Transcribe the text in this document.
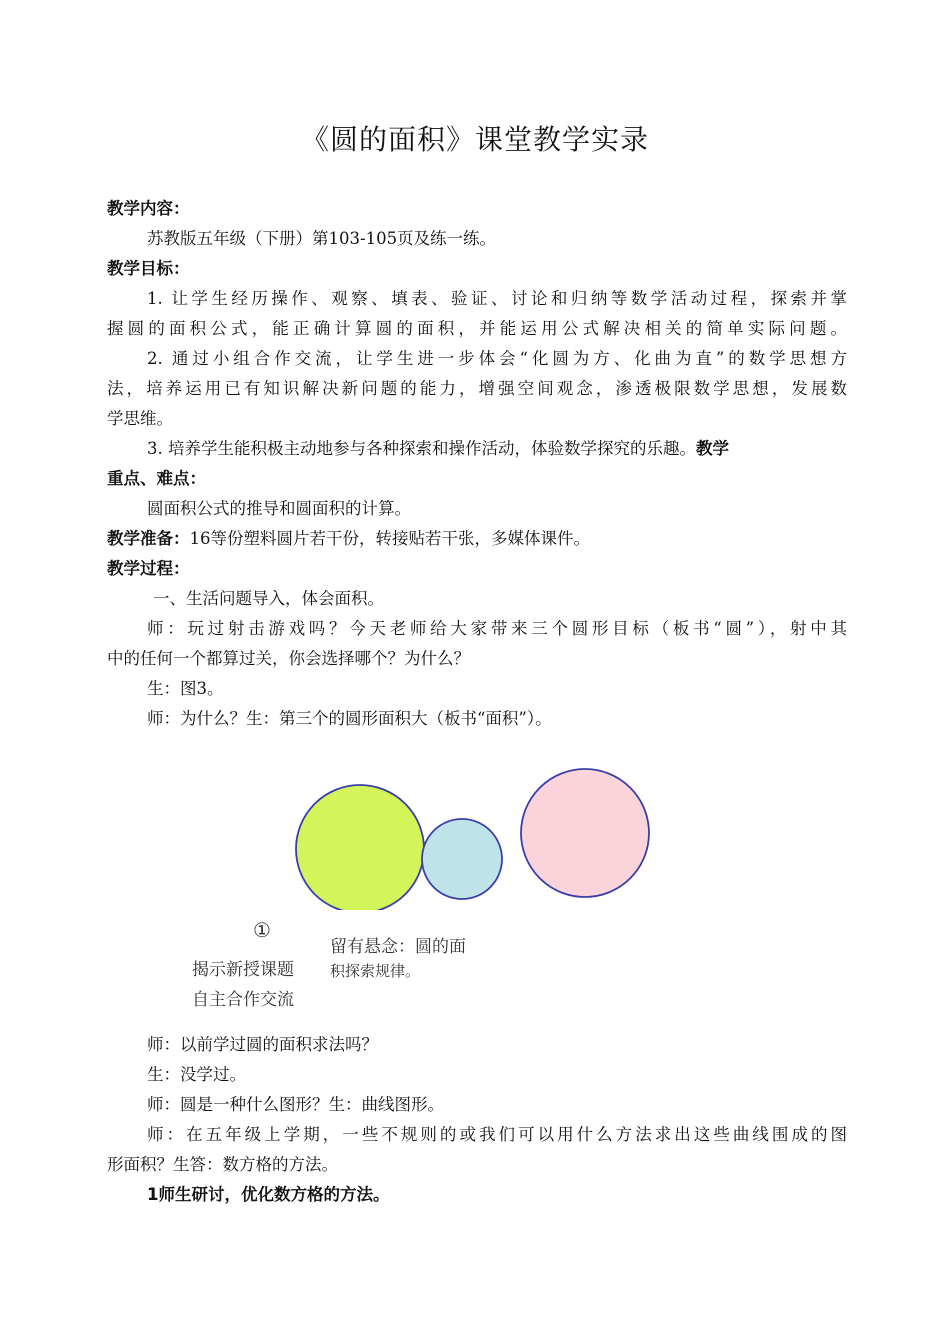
《圆的面积》课堂教学实录
教学内容：
苏教版五年级（下册）第103-105页及练一练。
教学目标：
1. 让学生经历操作、观察、填表、验证、讨论和归纳等数学活动过程，探索并掌
握圆的面积公式，能正确计算圆的面积，并能运用公式解决相关的简单实际问题。
2. 通过小组合作交流，让学生进一步体会“化圆为方、化曲为直”的数学思想方
法，培养运用已有知识解决新问题的能力，增强空间观念，渗透极限数学思想，发展数
学思维。
3. 培养学生能积极主动地参与各种探索和操作活动，体验数学探究的乐趣。教学
重点、难点：
圆面积公式的推导和圆面积的计算。
教学准备：16等份塑料圆片若干份，转接贴若干张，多媒体课件。
教学过程：
一、生活问题导入，体会面积。
师：玩过射击游戏吗？今天老师给大家带来三个圆形目标（板书“圆”），射中其
中的任何一个都算过关，你会选择哪个？为什么？
生：图3。
师：为什么？生：第三个的圆形面积大（板书“面积”）。
①
揭示新授课题
自主合作交流
留有悬念：圆的面
积探索规律。
师：以前学过圆的面积求法吗？
生：没学过。
师：圆是一种什么图形？生：曲线图形。
师：在五年级上学期，一些不规则的或我们可以用什么方法求出这些曲线围成的图
形面积？生答：数方格的方法。
1师生研讨，优化数方格的方法。
